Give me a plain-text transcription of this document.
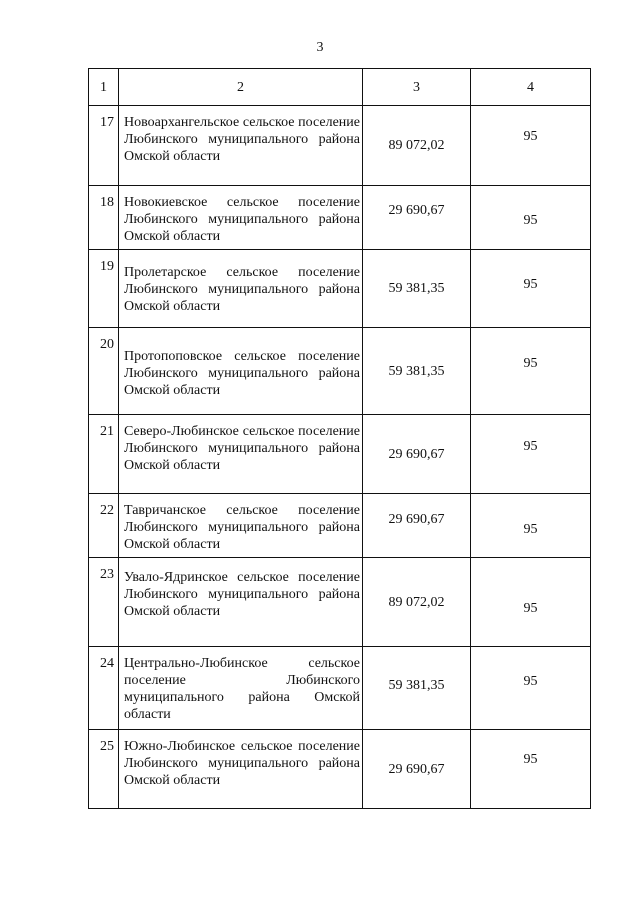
3
1	2	3	4
17	Новоархангельское сельское поселение Любинского муниципального района Омской области	89 072,02	95

18	Новокиевское сельское поселение Любинского муниципального района Омской области	29 690,67	95

19	Пролетарское сельское поселение Любинского муниципального района Омской области	59 381,35	95

20	Протопоповское сельское поселение Любинского муниципального района Омской области	59 381,35	95

21	Северо-Любинское сельское поселение Любинского муниципального района Омской области	29 690,67	95

22	Тавричанское сельское поселение Любинского муниципального района Омской области	29 690,67	95

23	Увало-Ядринское сельское поселение Любинского муниципального района Омской области	89 072,02	95

24	Центрально-Любинское сельское поселение Любинского муниципального района Омской области	59 381,35	95

25	Южно-Любинское сельское поселение Любинского муниципального района Омской области	29 690,67	95
